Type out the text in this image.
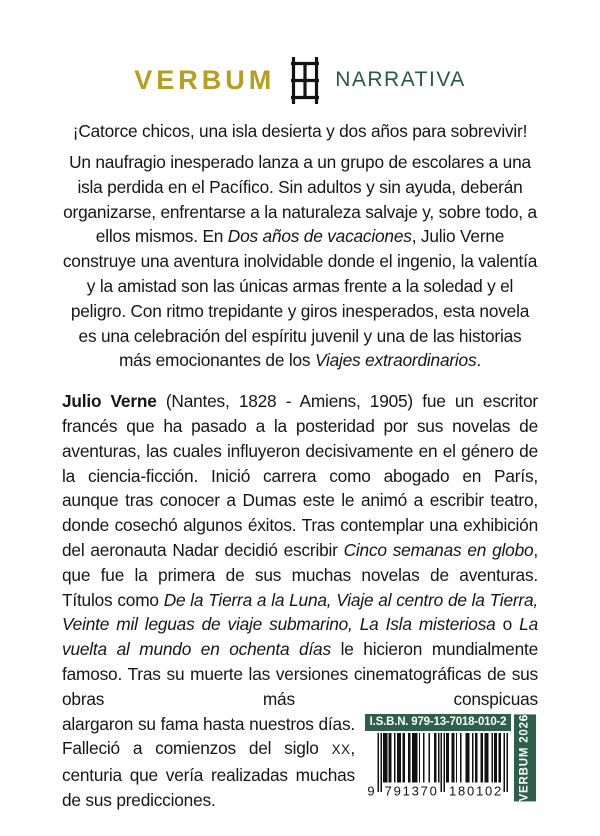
VERBUM	NARRATIVA

¡Catorce chicos, una isla desierta y dos años para sobrevivir!

Un naufragio inesperado lanza a un grupo de escolares a una isla perdida en el Pacífico. Sin adultos y sin ayuda, deberán organizarse, enfrentarse a la naturaleza salvaje y, sobre todo, a ellos mismos. En Dos años de vacaciones, Julio Verne construye una aventura inolvidable donde el ingenio, la valentía y la amistad son las únicas armas frente a la soledad y el peligro. Con ritmo trepidante y giros inesperados, esta novela es una celebración del espíritu juvenil y una de las historias más emocionantes de los Viajes extraordinarios.

Julio Verne (Nantes, 1828 - Amiens, 1905) fue un escritor francés que ha pasado a la posteridad por sus novelas de aventuras, las cuales influyeron decisivamente en el género de la ciencia-ficción. Inició carrera como abogado en París, aunque tras conocer a Dumas este le animó a escribir teatro, donde cosechó algunos éxitos. Tras contemplar una exhibición del aeronauta Nadar decidió escribir Cinco semanas en globo, que fue la primera de sus muchas novelas de aventuras. Títulos como De la Tierra a la Luna, Viaje al centro de la Tierra, Veinte mil leguas de viaje submarino, La Isla misteriosa o La vuelta al mundo en ochenta días le hicieron mundialmente famoso. Tras su muerte las versiones cinematográficas de sus obras más conspicuas

I.S.B.N. 979-13-7018-010-2
9 791370 180102	VERBUM 2026
alargaron su fama hasta nuestros días. Falleció a comienzos del siglo XX, centuria que vería realizadas muchas de sus predicciones.
